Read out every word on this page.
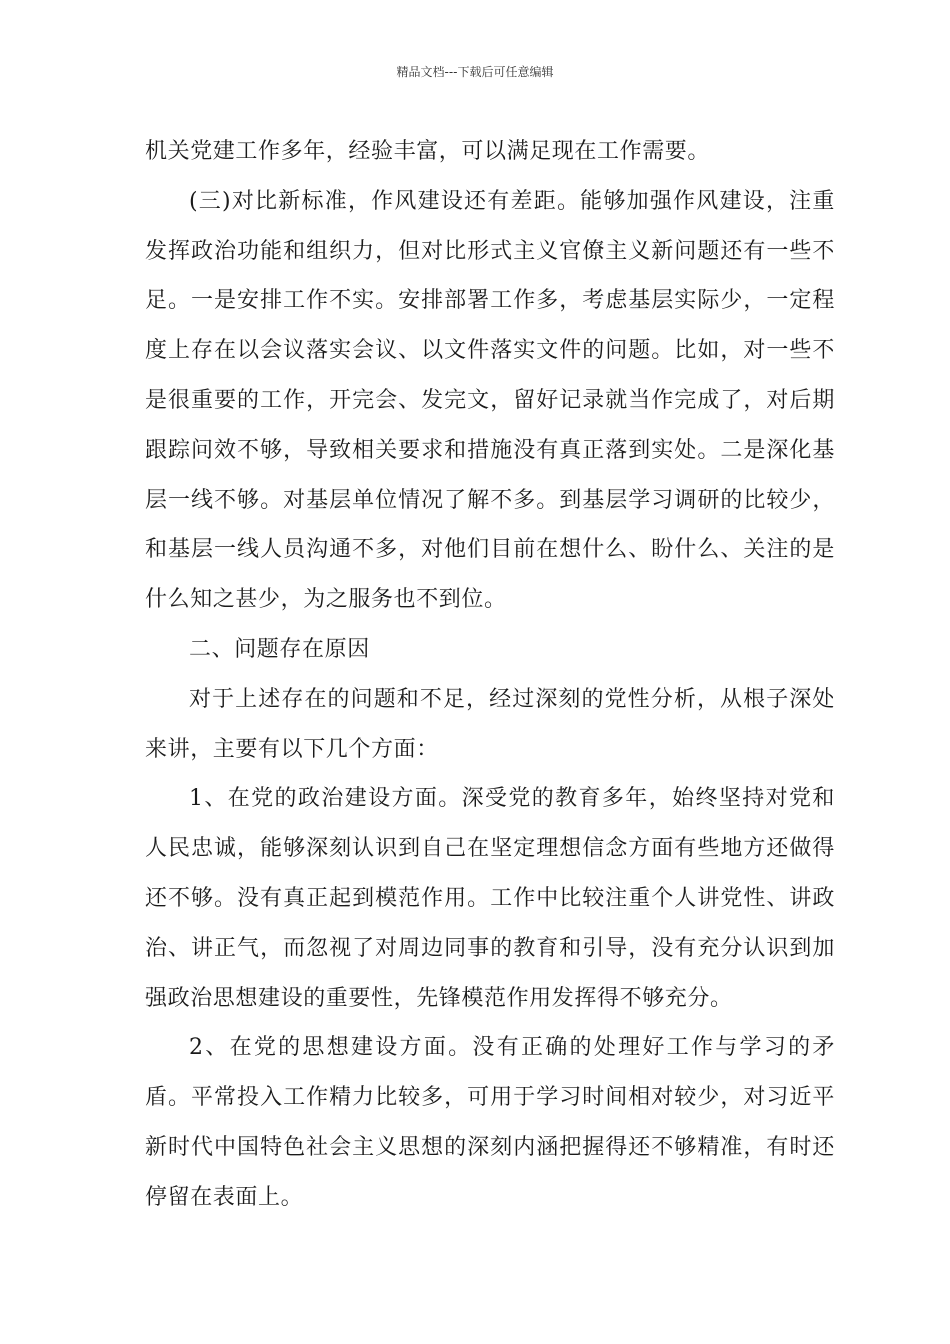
精品文档---下载后可任意编辑

机关党建工作多年，经验丰富，可以满足现在工作需要。

(三)对比新标准，作风建设还有差距。能够加强作风建设，注重发挥政治功能和组织力，但对比形式主义官僚主义新问题还有一些不足。一是安排工作不实。安排部署工作多，考虑基层实际少，一定程度上存在以会议落实会议、以文件落实文件的问题。比如，对一些不是很重要的工作，开完会、发完文，留好记录就当作完成了，对后期跟踪问效不够，导致相关要求和措施没有真正落到实处。二是深化基层一线不够。对基层单位情况了解不多。到基层学习调研的比较少，和基层一线人员沟通不多，对他们目前在想什么、盼什么、关注的是什么知之甚少，为之服务也不到位。

二、问题存在原因

对于上述存在的问题和不足，经过深刻的党性分析，从根子深处来讲，主要有以下几个方面：

1、在党的政治建设方面。深受党的教育多年，始终坚持对党和人民忠诚，能够深刻认识到自己在坚定理想信念方面有些地方还做得还不够。没有真正起到模范作用。工作中比较注重个人讲党性、讲政治、讲正气，而忽视了对周边同事的教育和引导，没有充分认识到加强政治思想建设的重要性，先锋模范作用发挥得不够充分。

2、在党的思想建设方面。没有正确的处理好工作与学习的矛盾。平常投入工作精力比较多，可用于学习时间相对较少，对习近平新时代中国特色社会主义思想的深刻内涵把握得还不够精准，有时还停留在表面上。
